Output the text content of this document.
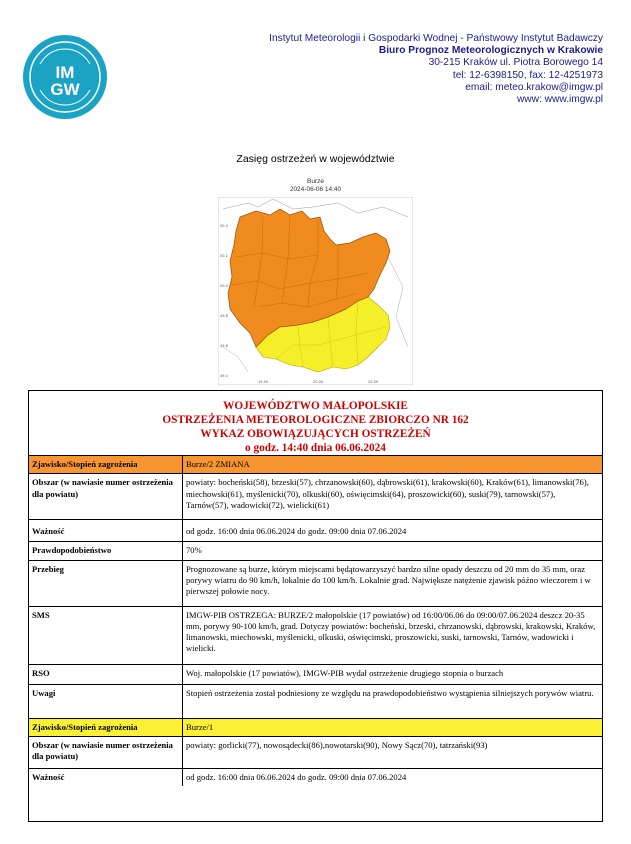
IM
GW
Instytut Meteorologii i Gospodarki Wodnej - Państwowy Instytut Badawczy
Biuro Prognoz Meteorologicznych w Krakowie
30-215 Kraków ul. Piotra Borowego 14
tel: 12-6398150, fax: 12-4251973
email: meteo.krakow@imgw.pl
www: www.imgw.pl
Zasięg ostrzeżeń w województwie
Burze
2024-06-06 14:40
50.4
50.2
50.0
49.8
49.6
49.4
19.50	20.00	20.50
WOJEWÓDZTWO MAŁOPOLSKIE
OSTRZEŻENIA METEOROLOGICZNE ZBIORCZO NR 162
WYKAZ OBOWIĄZUJĄCYCH OSTRZEŻEŃ
o godz. 14:40 dnia 06.06.2024
Zjawisko/Stopień zagrożenia	Burze/2 ZMIANA
Obszar (w nawiasie numer ostrzeżenia dla powiatu)	powiaty: bocheński(58), brzeski(57), chrzanowski(60), dąbrowski(61), krakowski(60), Kraków(61), limanowski(76), miechowski(61), myślenicki(70), olkuski(60), oświęcimski(64), proszowicki(60), suski(79), tarnowski(57), Tarnów(57), wadowicki(72), wielicki(61)
Ważność	od godz. 16:00 dnia 06.06.2024 do godz. 09:00 dnia 07.06.2024
Prawdopodobieństwo	70%
Przebieg	Prognozowane są burze, którym miejscami będątowarzyszyć bardzo silne opady deszczu od 20 mm do 35 mm, oraz porywy wiatru do 90 km/h, lokalnie do 100 km/h. Lokalnie grad. Największe natężenie zjawisk późno wieczorem i w pierwszej połowie nocy.
SMS	IMGW-PIB OSTRZEGA: BURZE/2 małopolskie (17 powiatów) od 16:00/06.06 do 09:00/07.06.2024 deszcz 20-35 mm, porywy 90-100 km/h, grad. Dotyczy powiatów: bocheński, brzeski, chrzanowski, dąbrowski, krakowski, Kraków, limanowski, miechowski, myślenicki, olkuski, oświęcimski, proszowicki, suski, tarnowski, Tarnów, wadowicki i wielicki.
RSO	Woj. małopolskie (17 powiatów), IMGW-PIB wydał ostrzeżenie drugiego stopnia o burzach
Uwagi	Stopień ostrzeżenia został podniesiony ze względu na prawdopodobieństwo wystąpienia silniejszych porywów wiatru.
Zjawisko/Stopień zagrożenia	Burze/1
Obszar (w nawiasie numer ostrzeżenia dla powiatu)	powiaty: gorlicki(77), nowosądecki(86),nowotarski(90), Nowy Sącz(70), tatrzański(93)
Ważność	od godz. 16:00 dnia 06.06.2024 do godz. 09:00 dnia 07.06.2024
